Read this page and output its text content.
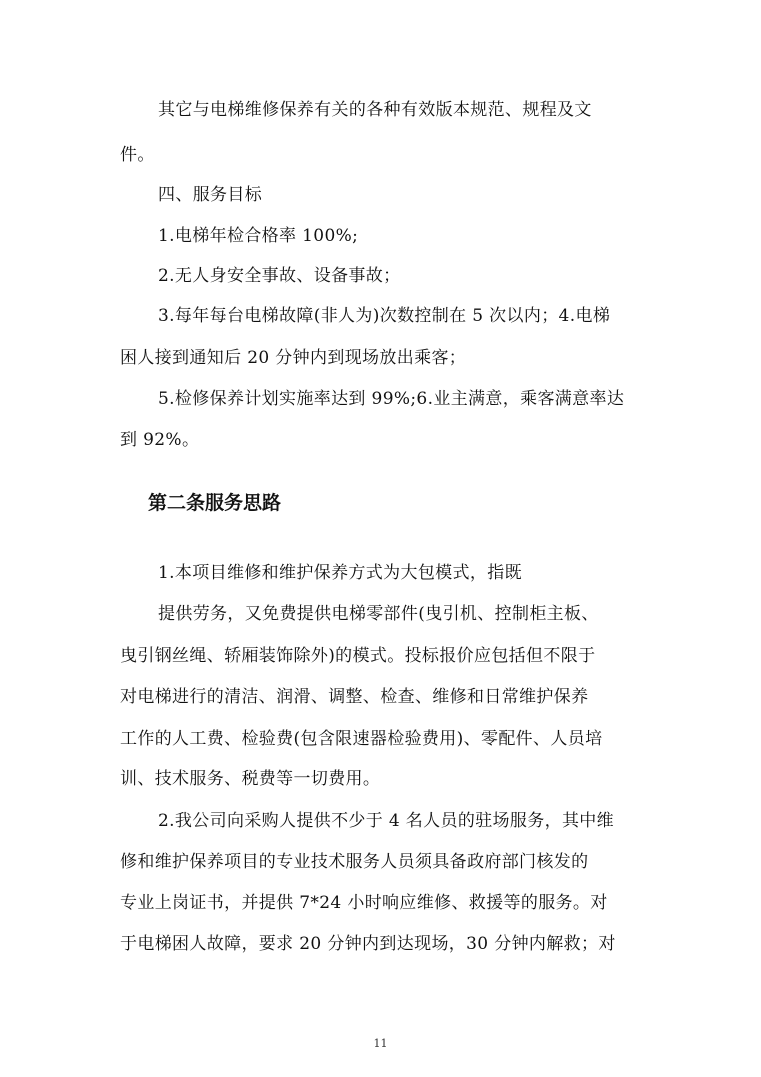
其它与电梯维修保养有关的各种有效版本规范、规程及文

件。

四、服务目标

1.电梯年检合格率 100%;

2.无人身安全事故、设备事故；

3.每年每台电梯故障(非人为)次数控制在 5 次以内；4.电梯

困人接到通知后 20 分钟内到现场放出乘客；

5.检修保养计划实施率达到 99%;6.业主满意，乘客满意率达

到 92%。

第二条服务思路

1.本项目维修和维护保养方式为大包模式，指既

提供劳务，又免费提供电梯零部件(曳引机、控制柜主板、

曳引钢丝绳、轿厢装饰除外)的模式。投标报价应包括但不限于

对电梯进行的清洁、润滑、调整、检查、维修和日常维护保养

工作的人工费、检验费(包含限速器检验费用)、零配件、人员培

训、技术服务、税费等一切费用。

2.我公司向采购人提供不少于 4 名人员的驻场服务，其中维

修和维护保养项目的专业技术服务人员须具备政府部门核发的

专业上岗证书，并提供 7*24 小时响应维修、救援等的服务。对

于电梯困人故障，要求 20 分钟内到达现场，30 分钟内解救；对

11
